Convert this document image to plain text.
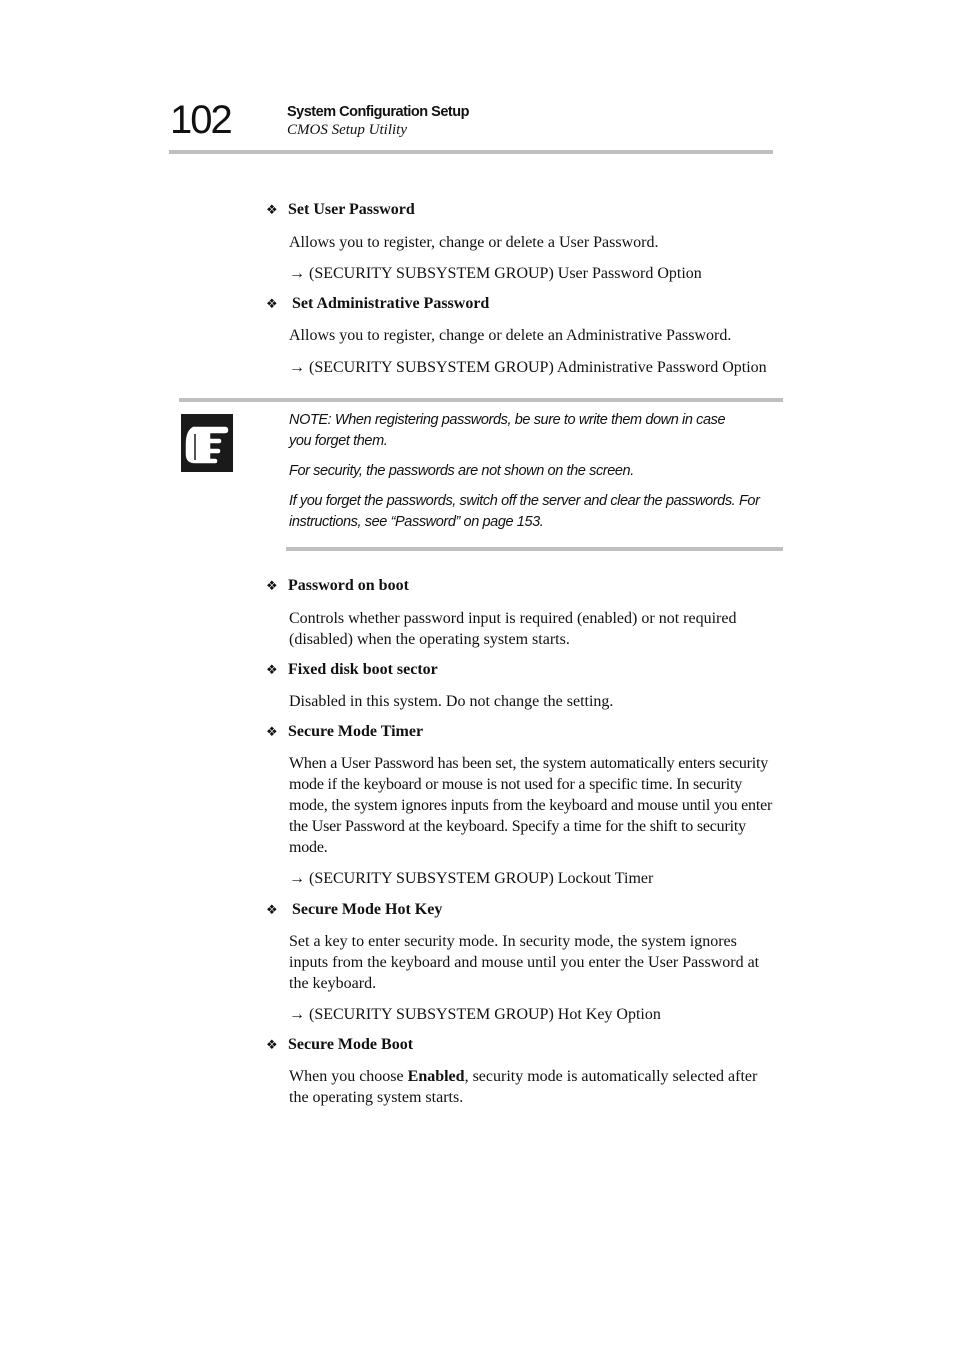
102	System Configuration Setup
CMOS Setup Utility
❖ Set User Password
Allows you to register, change or delete a User Password.
→ (SECURITY SUBSYSTEM GROUP) User Password Option
❖ Set Administrative Password
Allows you to register, change or delete an Administrative Password.
→ (SECURITY SUBSYSTEM GROUP) Administrative Password Option
NOTE: When registering passwords, be sure to write them down in case you forget them.
For security, the passwords are not shown on the screen.
If you forget the passwords, switch off the server and clear the passwords. For instructions, see “Password” on page 153.
❖ Password on boot
Controls whether password input is required (enabled) or not required (disabled) when the operating system starts.
❖ Fixed disk boot sector
Disabled in this system. Do not change the setting.
❖ Secure Mode Timer
When a User Password has been set, the system automatically enters security mode if the keyboard or mouse is not used for a specific time. In security mode, the system ignores inputs from the keyboard and mouse until you enter the User Password at the keyboard. Specify a time for the shift to security mode.
→ (SECURITY SUBSYSTEM GROUP) Lockout Timer
❖ Secure Mode Hot Key
Set a key to enter security mode. In security mode, the system ignores inputs from the keyboard and mouse until you enter the User Password at the keyboard.
→ (SECURITY SUBSYSTEM GROUP) Hot Key Option
❖ Secure Mode Boot
When you choose Enabled, security mode is automatically selected after the operating system starts.
